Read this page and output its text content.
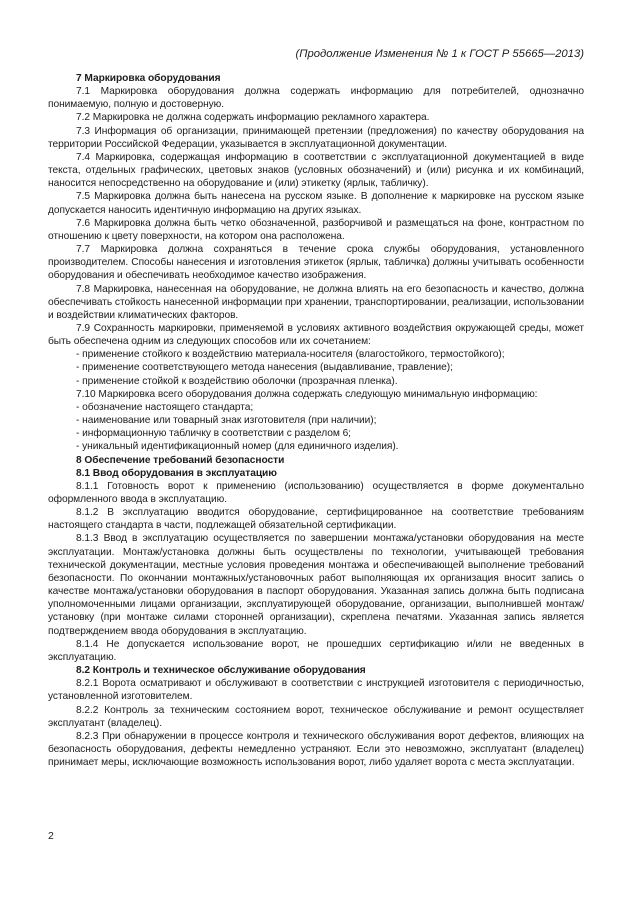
(Продолжение Изменения № 1 к ГОСТ Р 55665—2013)

7 Маркировка оборудования

7.1 Маркировка оборудования должна содержать информацию для потребителей, однозначно понимаемую, полную и достоверную.

7.2 Маркировка не должна содержать информацию рекламного характера.

7.3 Информация об организации, принимающей претензии (предложения) по качеству оборудования на территории Российской Федерации, указывается в эксплуатационной документации.

7.4 Маркировка, содержащая информацию в соответствии с эксплуатационной документацией в виде текста, отдельных графических, цветовых знаков (условных обозначений) и (или) рисунка и их комбинаций, наносится непосредственно на оборудование и (или) этикетку (ярлык, табличку).

7.5 Маркировка должна быть нанесена на русском языке. В дополнение к маркировке на русском языке допускается наносить идентичную информацию на других языках.

7.6 Маркировка должна быть четко обозначенной, разборчивой и размещаться на фоне, контрастном по отношению к цвету поверхности, на котором она расположена.

7.7 Маркировка должна сохраняться в течение срока службы оборудования, установленного производителем. Способы нанесения и изготовления этикеток (ярлык, табличка) должны учитывать особенности оборудования и обеспечивать необходимое качество изображения.

7.8 Маркировка, нанесенная на оборудование, не должна влиять на его безопасность и качество, должна обеспечивать стойкость нанесенной информации при хранении, транспортировании, реализации, использовании и воздействии климатических факторов.

7.9 Сохранность маркировки, применяемой в условиях активного воздействия окружающей среды, может быть обеспечена одним из следующих способов или их сочетанием:

- применение стойкого к воздействию материала-носителя (влагостойкого, термостойкого);

- применение соответствующего метода нанесения (выдавливание, травление);

- применение стойкой к воздействию оболочки (прозрачная пленка).

7.10 Маркировка всего оборудования должна содержать следующую минимальную информацию:

- обозначение настоящего стандарта;

- наименование или товарный знак изготовителя (при наличии);

- информационную табличку в соответствии с разделом 6;

- уникальный идентификационный номер (для единичного изделия).

8 Обеспечение требований безопасности

8.1 Ввод оборудования в эксплуатацию

8.1.1 Готовность ворот к применению (использованию) осуществляется в форме документально оформленного ввода в эксплуатацию.

8.1.2 В эксплуатацию вводится оборудование, сертифицированное на соответствие требованиям настоящего стандарта в части, подлежащей обязательной сертификации.

8.1.3 Ввод в эксплуатацию осуществляется по завершении монтажа/установки оборудования на месте эксплуатации. Монтаж/установка должны быть осуществлены по технологии, учитывающей требования технической документации, местные условия проведения монтажа и обеспечивающей выполнение требований безопасности. По окончании монтажных/установочных работ выполняющая их организация вносит запись о качестве монтажа/установки оборудования в паспорт оборудования. Указанная запись должна быть подписана уполномоченными лицами организации, эксплуатирующей оборудование, организации, выполнившей монтаж/установку (при монтаже силами сторонней организации), скреплена печатями. Указанная запись является подтверждением ввода оборудования в эксплуатацию.

8.1.4 Не допускается использование ворот, не прошедших сертификацию и/или не введенных в эксплуатацию.

8.2 Контроль и техническое обслуживание оборудования

8.2.1 Ворота осматривают и обслуживают в соответствии с инструкцией изготовителя с периодичностью, установленной изготовителем.

8.2.2 Контроль за техническим состоянием ворот, техническое обслуживание и ремонт осуществляет эксплуатант (владелец).

8.2.3 При обнаружении в процессе контроля и технического обслуживания ворот дефектов, влияющих на безопасность оборудования, дефекты немедленно устраняют. Если это невозможно, эксплуатант (владелец) принимает меры, исключающие возможность использования ворот, либо удаляет ворота с места эксплуатации.

2
